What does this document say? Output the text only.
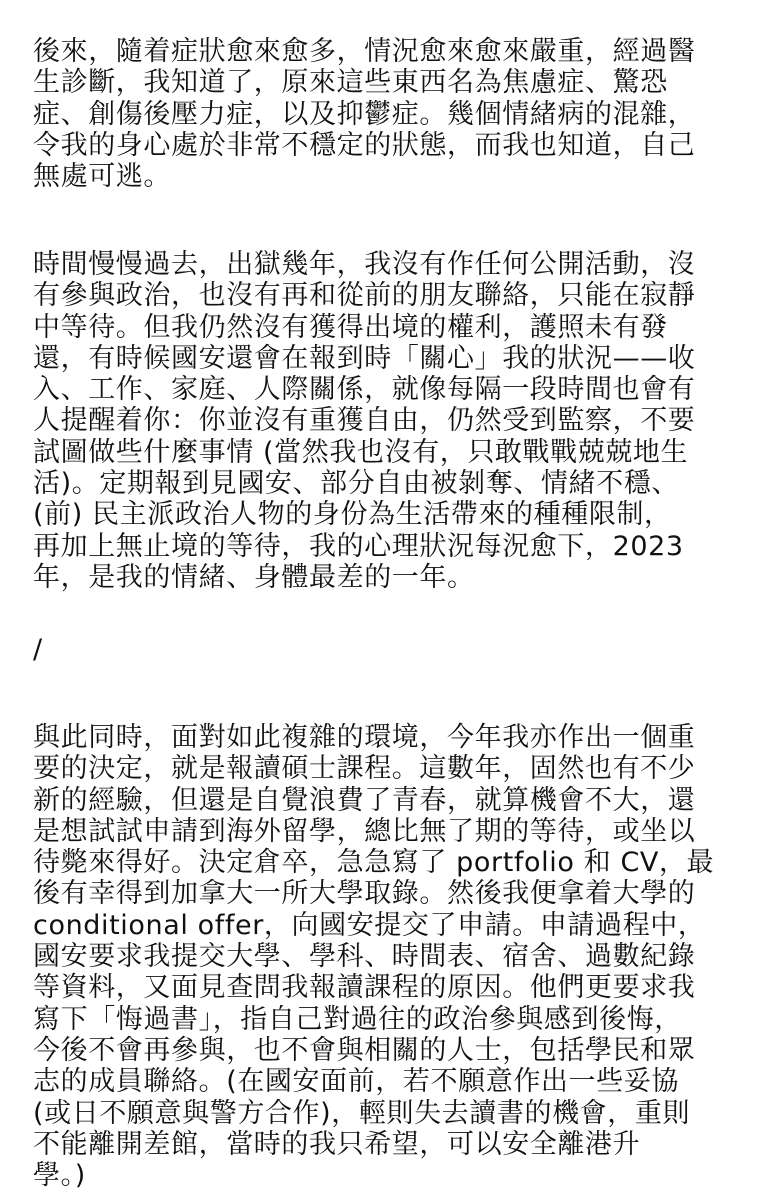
後來，隨着症狀愈來愈多，情況愈來愈來嚴重，經過醫
生診斷，我知道了，原來這些東西名為焦慮症、驚恐
症、創傷後壓力症，以及抑鬱症。幾個情緒病的混雜，
令我的身心處於非常不穩定的狀態，而我也知道，自己
無處可逃。

時間慢慢過去，出獄幾年，我沒有作任何公開活動，沒
有參與政治，也沒有再和從前的朋友聯絡，只能在寂靜
中等待。但我仍然沒有獲得出境的權利，護照未有發
還，有時候國安還會在報到時「關心」我的狀況——收
入、工作、家庭、人際關係，就像每隔一段時間也會有
人提醒着你：你並沒有重獲自由，仍然受到監察，不要
試圖做些什麼事情 (當然我也沒有，只敢戰戰兢兢地生
活)。定期報到見國安、部分自由被剝奪、情緒不穩、
(前) 民主派政治人物的身份為生活帶來的種種限制，
再加上無止境的等待，我的心理狀況每況愈下，2023
年，是我的情緒、身體最差的一年。

/

與此同時，面對如此複雜的環境，今年我亦作出一個重
要的決定，就是報讀碩士課程。這數年，固然也有不少
新的經驗，但還是自覺浪費了青春，就算機會不大，還
是想試試申請到海外留學，總比無了期的等待，或坐以
待斃來得好。決定倉卒，急急寫了 portfolio 和 CV，最
後有幸得到加拿大一所大學取錄。然後我便拿着大學的
conditional offer，向國安提交了申請。申請過程中，
國安要求我提交大學、學科、時間表、宿舍、過數紀錄
等資料，又面見查問我報讀課程的原因。他們更要求我
寫下「悔過書」，指自己對過往的政治參與感到後悔，
今後不會再參與，也不會與相關的人士，包括學民和眾
志的成員聯絡。(在國安面前，若不願意作出一些妥協
(或日不願意與警方合作)，輕則失去讀書的機會，重則
不能離開差館，當時的我只希望，可以安全離港升
學。)
